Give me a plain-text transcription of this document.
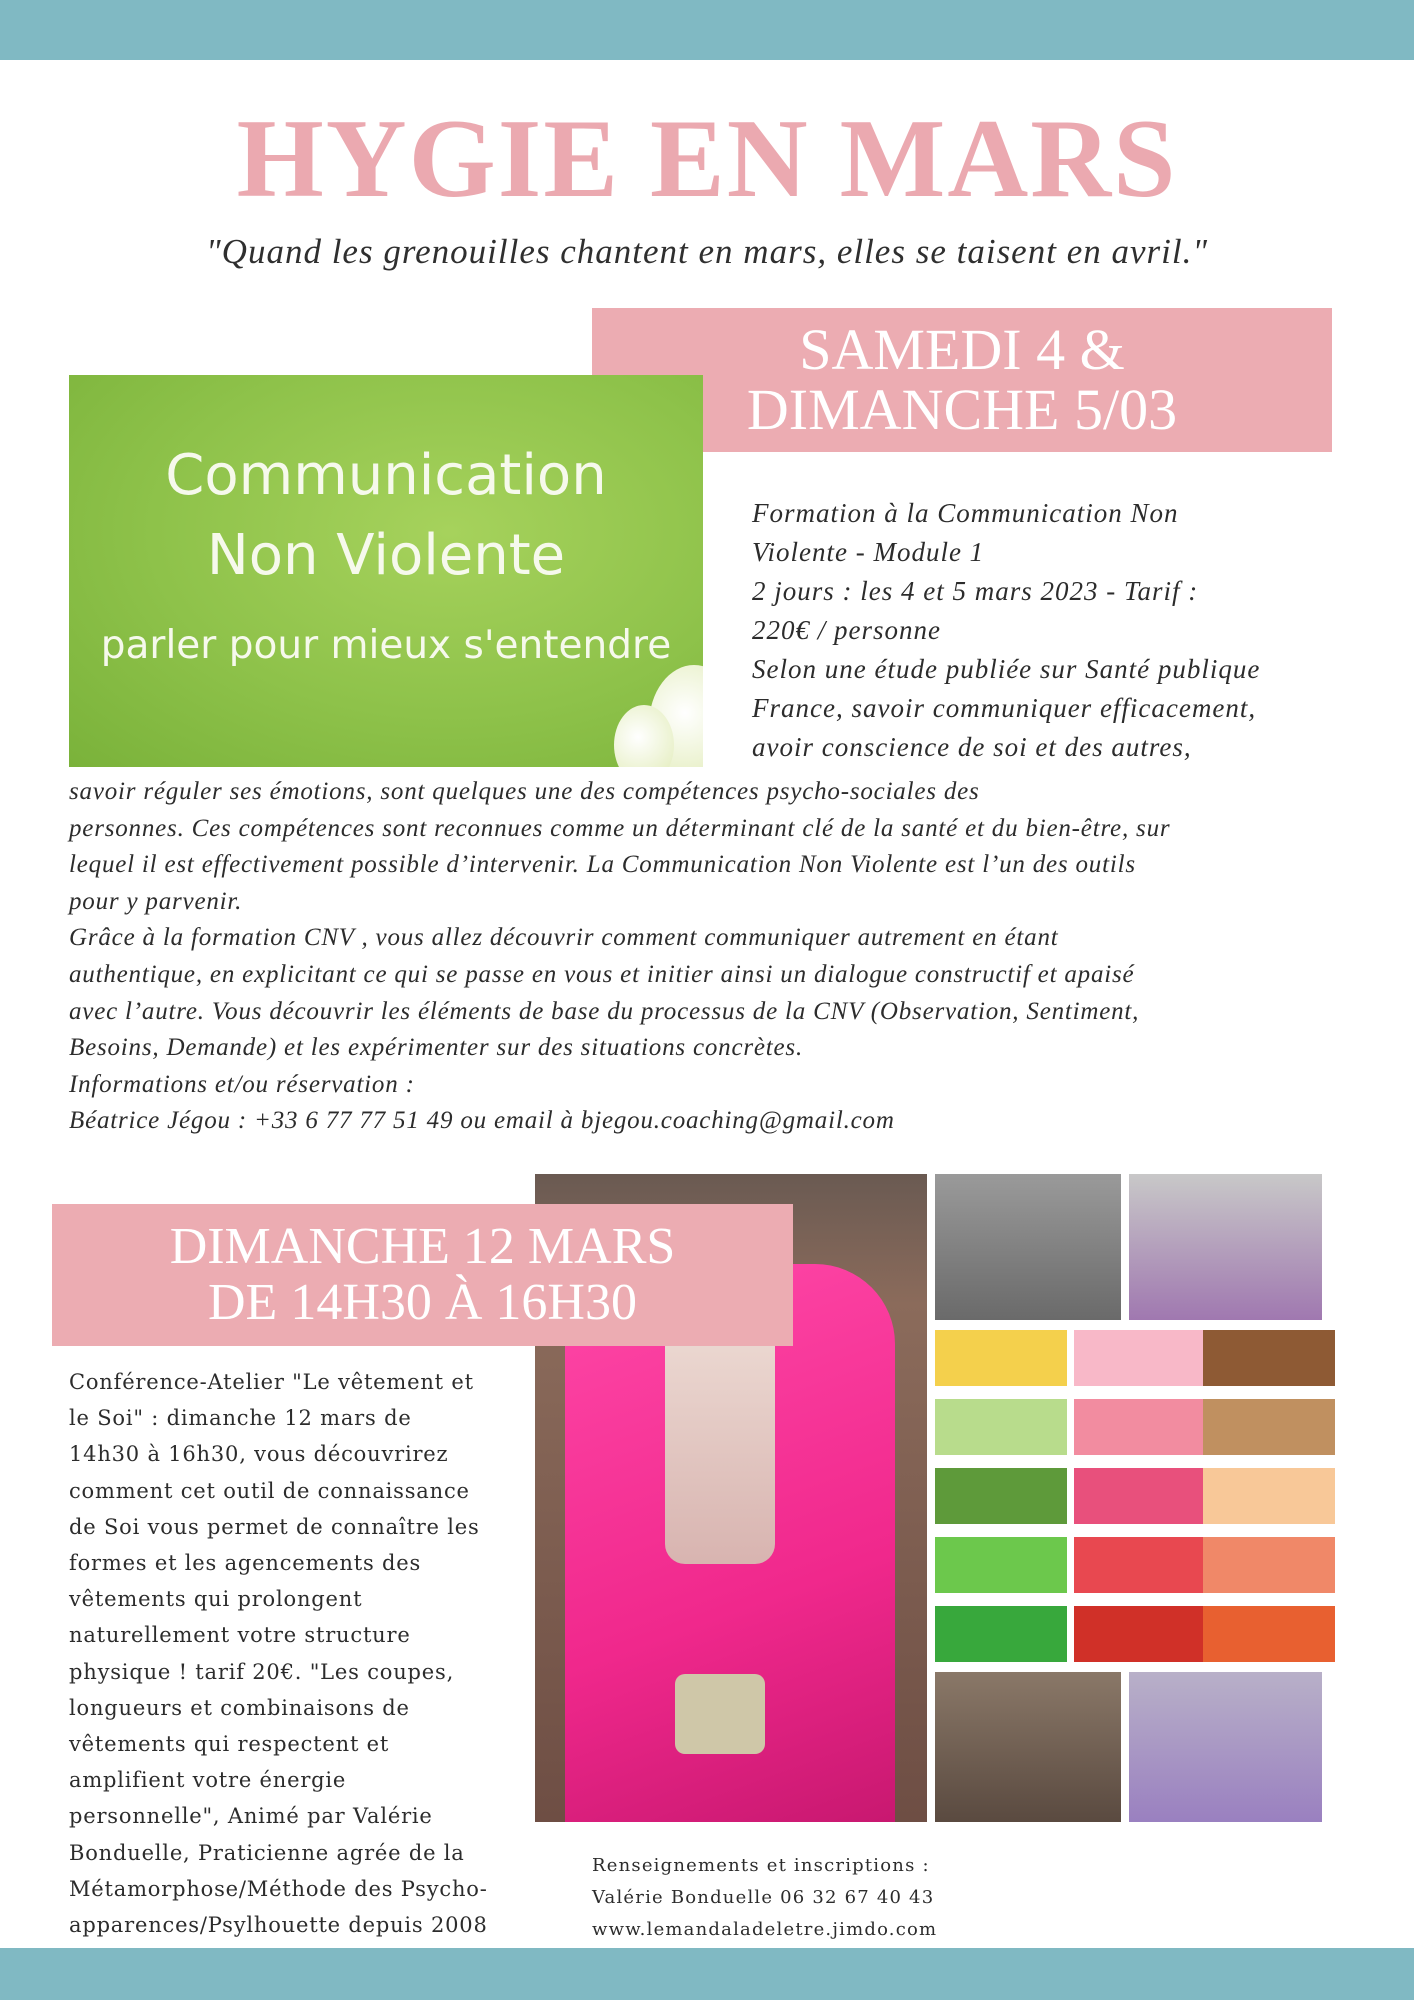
HYGIE EN MARS
"Quand les grenouilles chantent en mars, elles se taisent en avril."
SAMEDI 4 &
DIMANCHE 5/03
Communication
Non Violente
parler pour mieux s'entendre
Formation à la Communication Non
Violente - Module 1
2 jours : les 4 et 5 mars 2023 - Tarif :
220€ / personne
Selon une étude publiée sur Santé publique
France, savoir communiquer efficacement,
avoir conscience de soi et des autres,
savoir réguler ses émotions, sont quelques une des compétences psycho-sociales des
personnes. Ces compétences sont reconnues comme un déterminant clé de la santé et du bien-être, sur
lequel il est effectivement possible d’intervenir. La Communication Non Violente est l’un des outils
pour y parvenir.
Grâce à la formation CNV , vous allez découvrir comment communiquer autrement en étant
authentique, en explicitant ce qui se passe en vous et initier ainsi un dialogue constructif et apaisé
avec l’autre. Vous découvrir les éléments de base du processus de la CNV (Observation, Sentiment,
Besoins, Demande) et les expérimenter sur des situations concrètes.
Informations et/ou réservation :
Béatrice Jégou : +33 6 77 77 51 49 ou email à bjegou.coaching@gmail.com
DIMANCHE 12 MARS
DE 14H30 À 16H30
Conférence-Atelier "Le vêtement et
le Soi" : dimanche 12 mars de
14h30 à 16h30, vous découvrirez
comment cet outil de connaissance
de Soi vous permet de connaître les
formes et les agencements des
vêtements qui prolongent
naturellement votre structure
physique ! tarif 20€. "Les coupes,
longueurs et combinaisons de
vêtements qui respectent et
amplifient votre énergie
personnelle", Animé par Valérie
Bonduelle, Praticienne agrée de la
Métamorphose/Méthode des Psycho-
apparences/Psylhouette depuis 2008
Renseignements et inscriptions :
Valérie Bonduelle 06 32 67 40 43
www.lemandaladeletre.jimdo.com
